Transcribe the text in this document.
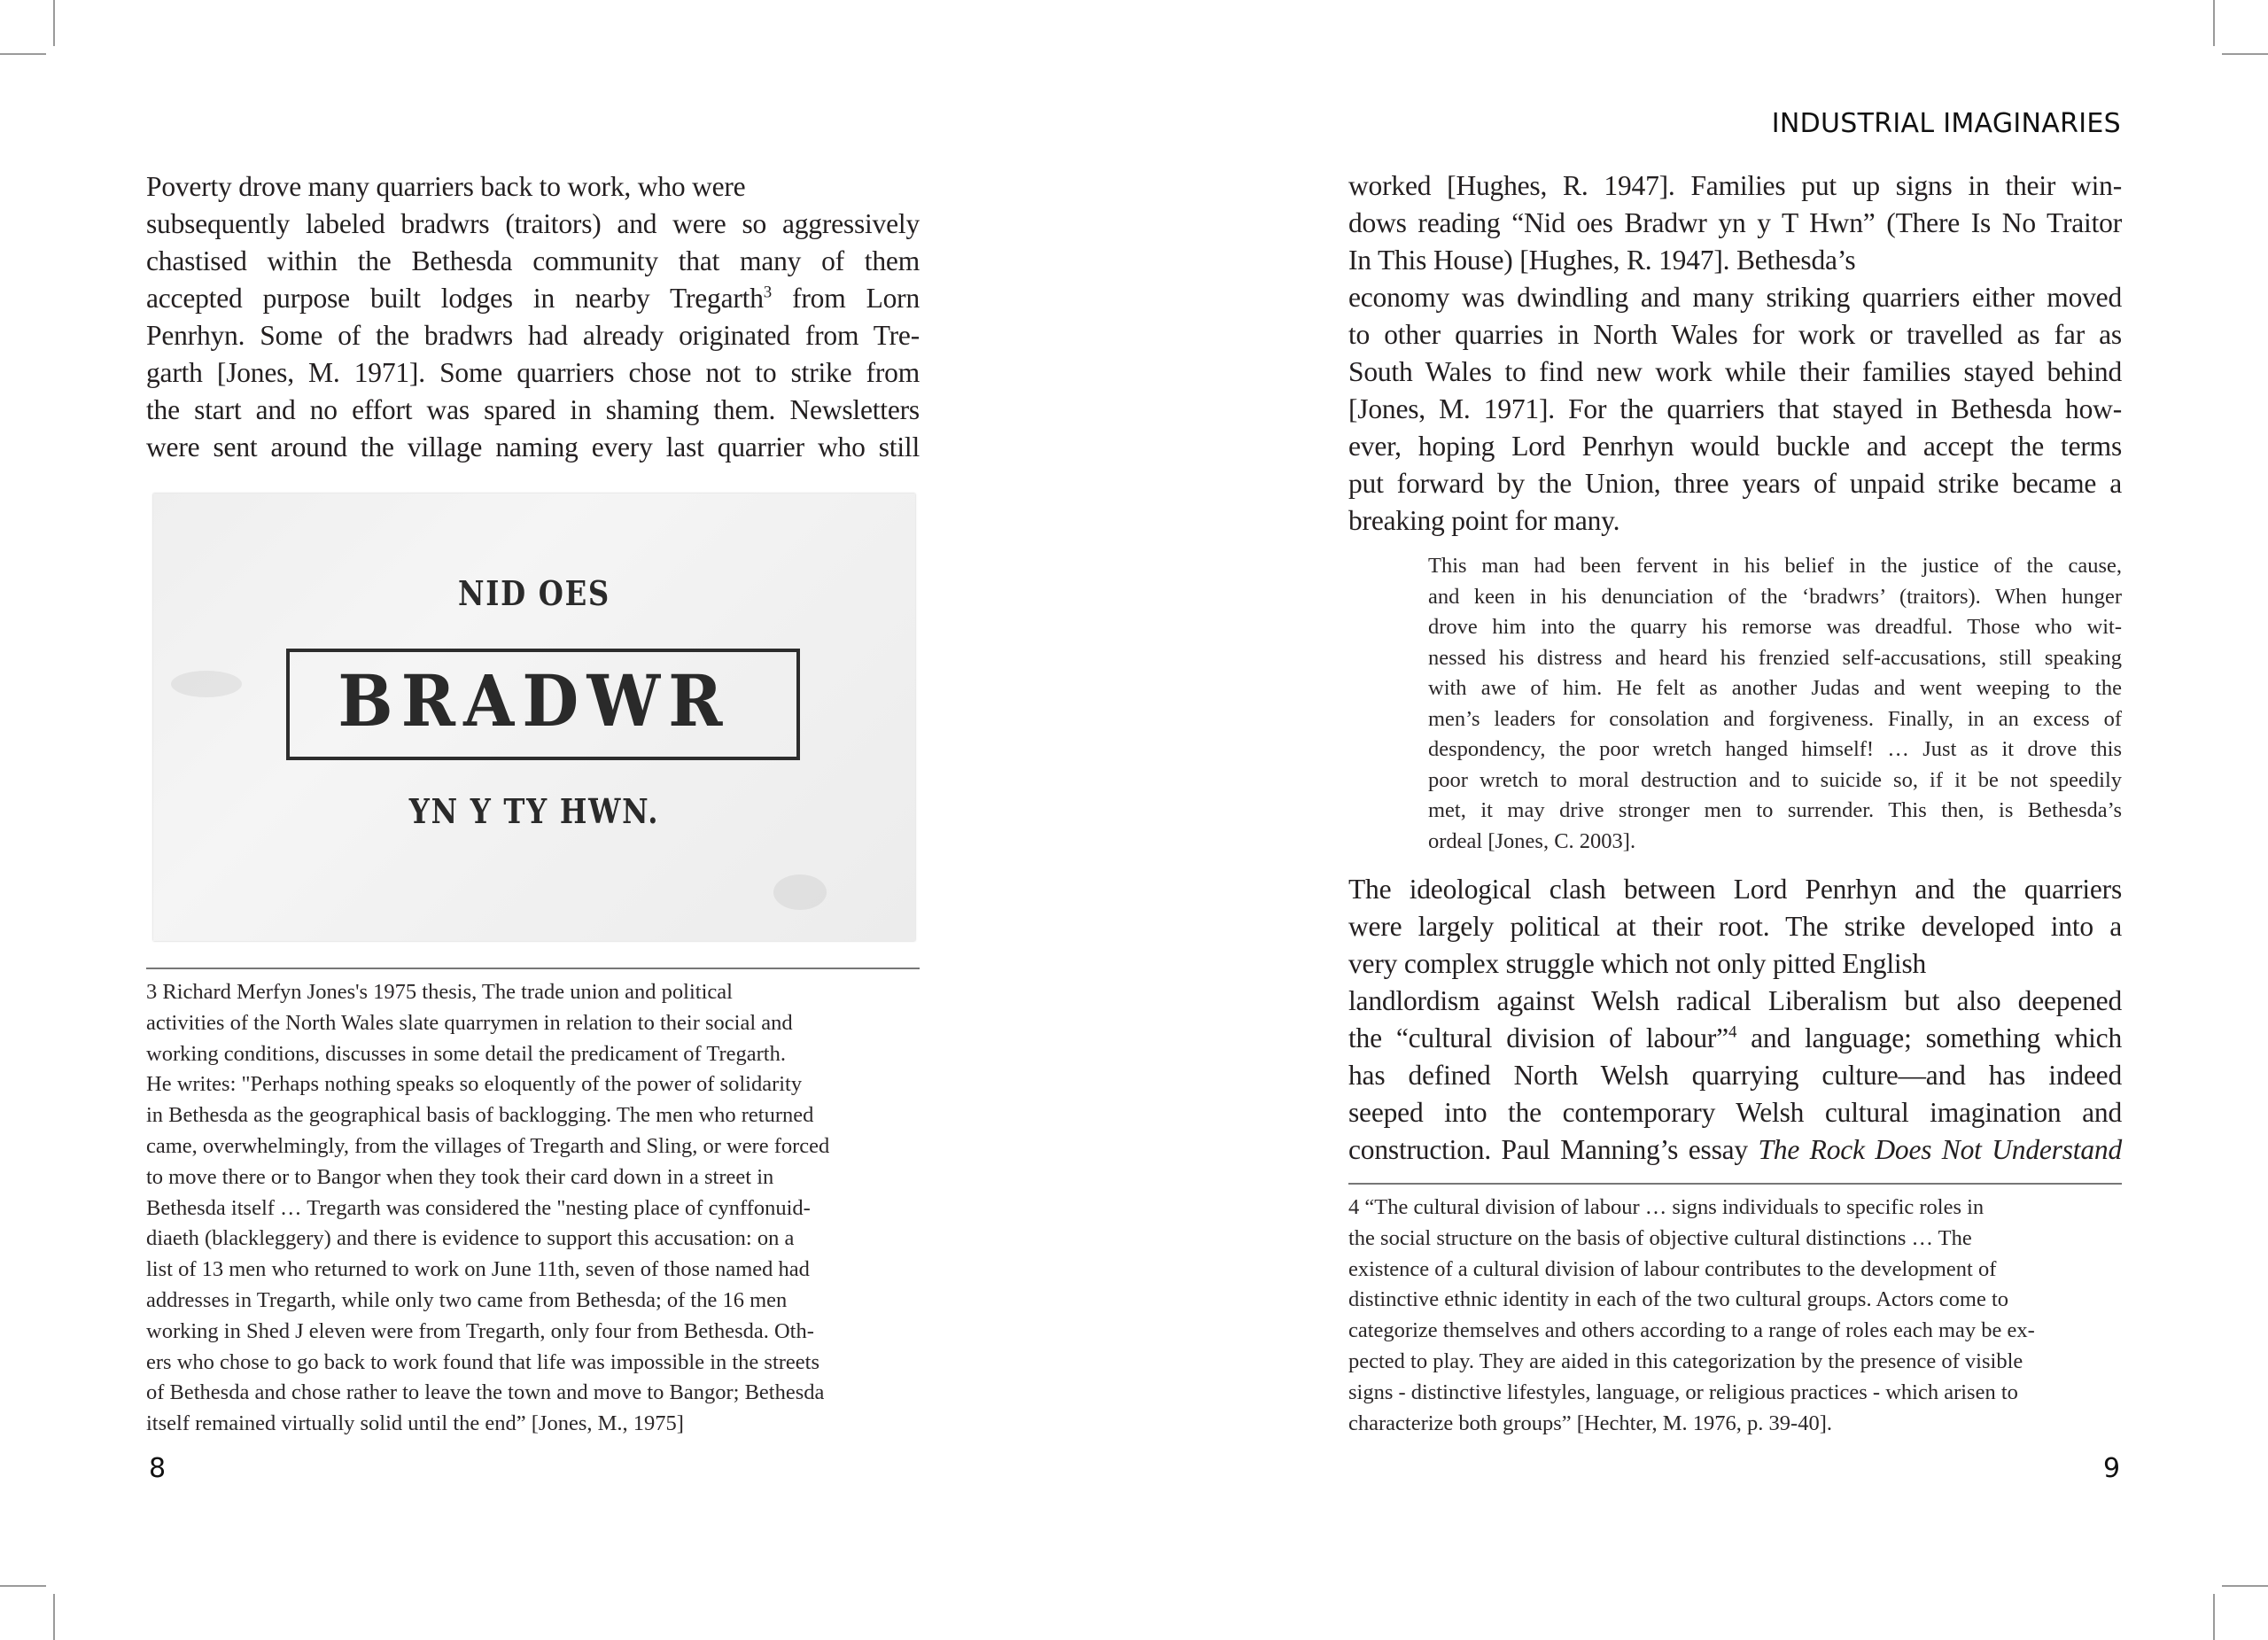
Poverty drove many quarriers back to work, who were
subsequently labeled bradwrs (traitors) and were so aggressively
chastised within the Bethesda community that many of them
accepted purpose built lodges in nearby Tregarth$^3$ from Lorn
Penrhyn. Some of the bradwrs had already originated from Tre-
garth [Jones, M. 1971]. Some quarriers chose not to strike from
the start and no effort was spared in shaming them. Newsletters
were sent around the village naming every last quarrier who still
NID OES
BRADWR
YN Y TY HWN.
3 Richard Merfyn Jones's 1975 thesis, The trade union and political
activities of the North Wales slate quarrymen in relation to their social and
working conditions, discusses in some detail the predicament of Tregarth.
He writes: "Perhaps nothing speaks so eloquently of the power of solidarity
in Bethesda as the geographical basis of backlogging. The men who returned
came, overwhelmingly, from the villages of Tregarth and Sling, or were forced
to move there or to Bangor when they took their card down in a street in
Bethesda itself … Tregarth was considered the "nesting place of cynffonuid-
diaeth (blackleggery) and there is evidence to support this accusation: on a
list of 13 men who returned to work on June 11th, seven of those named had
addresses in Tregarth, while only two came from Bethesda; of the 16 men
working in Shed J eleven were from Tregarth, only four from Bethesda. Oth-
ers who chose to go back to work found that life was impossible in the streets
of Bethesda and chose rather to leave the town and move to Bangor; Bethesda
itself remained virtually solid until the end” [Jones, M., 1975]
8
INDUSTRIAL IMAGINARIES
worked [Hughes, R. 1947]. Families put up signs in their win-
dows reading “Nid oes Bradwr yn y T Hwn” (There Is No Traitor
In This House) [Hughes, R. 1947]. Bethesda’s
economy was dwindling and many striking quarriers either moved
to other quarries in North Wales for work or travelled as far as
South Wales to find new work while their families stayed behind
[Jones, M. 1971]. For the quarriers that stayed in Bethesda how-
ever, hoping Lord Penrhyn would buckle and accept the terms
put forward by the Union, three years of unpaid strike became a
breaking point for many.
This man had been fervent in his belief in the justice of the cause,
and keen in his denunciation of the ‘bradwrs’ (traitors). When hunger
drove him into the quarry his remorse was dreadful. Those who wit-
nessed his distress and heard his frenzied self-accusations, still speaking
with awe of him. He felt as another Judas and went weeping to the
men’s leaders for consolation and forgiveness. Finally, in an excess of
despondency, the poor wretch hanged himself! … Just as it drove this
poor wretch to moral destruction and to suicide so, if it be not speedily
met, it may drive stronger men to surrender. This then, is Bethesda’s
ordeal [Jones, C. 2003].
The ideological clash between Lord Penrhyn and the quarriers
were largely political at their root. The strike developed into a
very complex struggle which not only pitted English
landlordism against Welsh radical Liberalism but also deepened
the “cultural division of labour”$^4$ and language; something which
has defined North Welsh quarrying culture—and has indeed
seeped into the contemporary Welsh cultural imagination and
construction. Paul Manning’s essay The Rock Does Not Understand
4 “The cultural division of labour … signs individuals to specific roles in
the social structure on the basis of objective cultural distinctions … The
existence of a cultural division of labour contributes to the development of
distinctive ethnic identity in each of the two cultural groups. Actors come to
categorize themselves and others according to a range of roles each may be ex-
pected to play. They are aided in this categorization by the presence of visible
signs - distinctive lifestyles, language, or religious practices - which arisen to
characterize both groups” [Hechter, M. 1976, p. 39-40].
9
